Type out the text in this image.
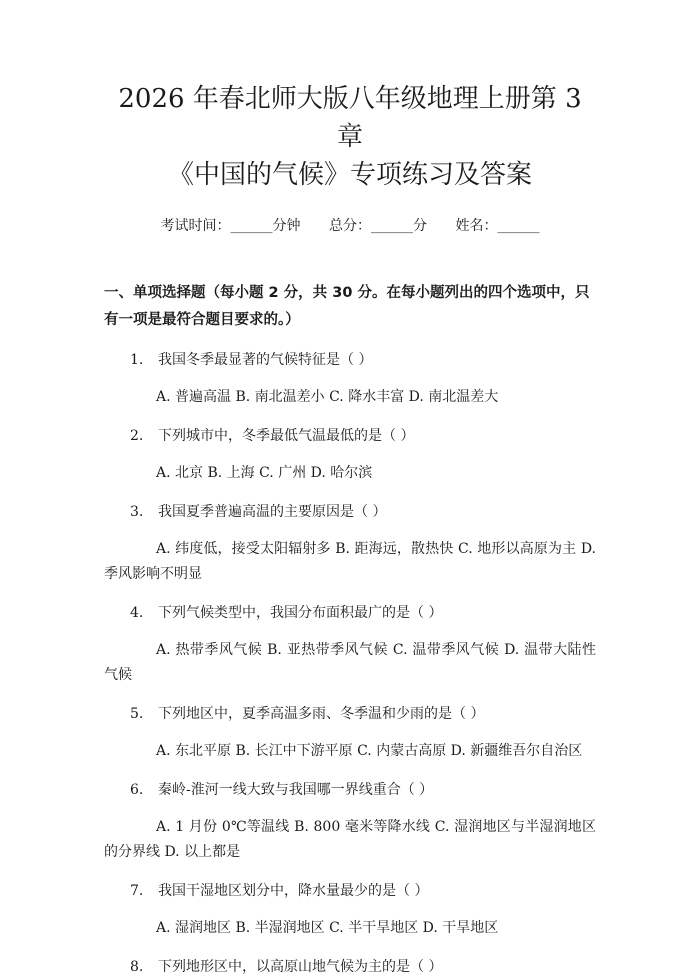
2026 年春北师大版八年级地理上册第 3 章
《中国的气候》专项练习及答案
考试时间：______分钟 总分：______分 姓名：______
一、单项选择题（每小题 2 分，共 30 分。在每小题列出的四个选项中，只有一项是最符合题目要求的。）
1. 我国冬季最显著的气候特征是（ ）
A. 普遍高温 B. 南北温差小 C. 降水丰富 D. 南北温差大
2. 下列城市中，冬季最低气温最低的是（ ）
A. 北京 B. 上海 C. 广州 D. 哈尔滨
3. 我国夏季普遍高温的主要原因是（ ）
A. 纬度低，接受太阳辐射多 B. 距海远，散热快 C. 地形以高原为主 D. 季风影响不明显
4. 下列气候类型中，我国分布面积最广的是（ ）
A. 热带季风气候 B. 亚热带季风气候 C. 温带季风气候 D. 温带大陆性气候
5. 下列地区中，夏季高温多雨、冬季温和少雨的是（ ）
A. 东北平原 B. 长江中下游平原 C. 内蒙古高原 D. 新疆维吾尔自治区
6. 秦岭-淮河一线大致与我国哪一界线重合（ ）
A. 1 月份 0℃等温线 B. 800 毫米等降水线 C. 湿润地区与半湿润地区的分界线 D. 以上都是
7. 我国干湿地区划分中，降水量最少的是（ ）
A. 湿润地区 B. 半湿润地区 C. 半干旱地区 D. 干旱地区
8. 下列地形区中，以高原山地气候为主的是（ ）
